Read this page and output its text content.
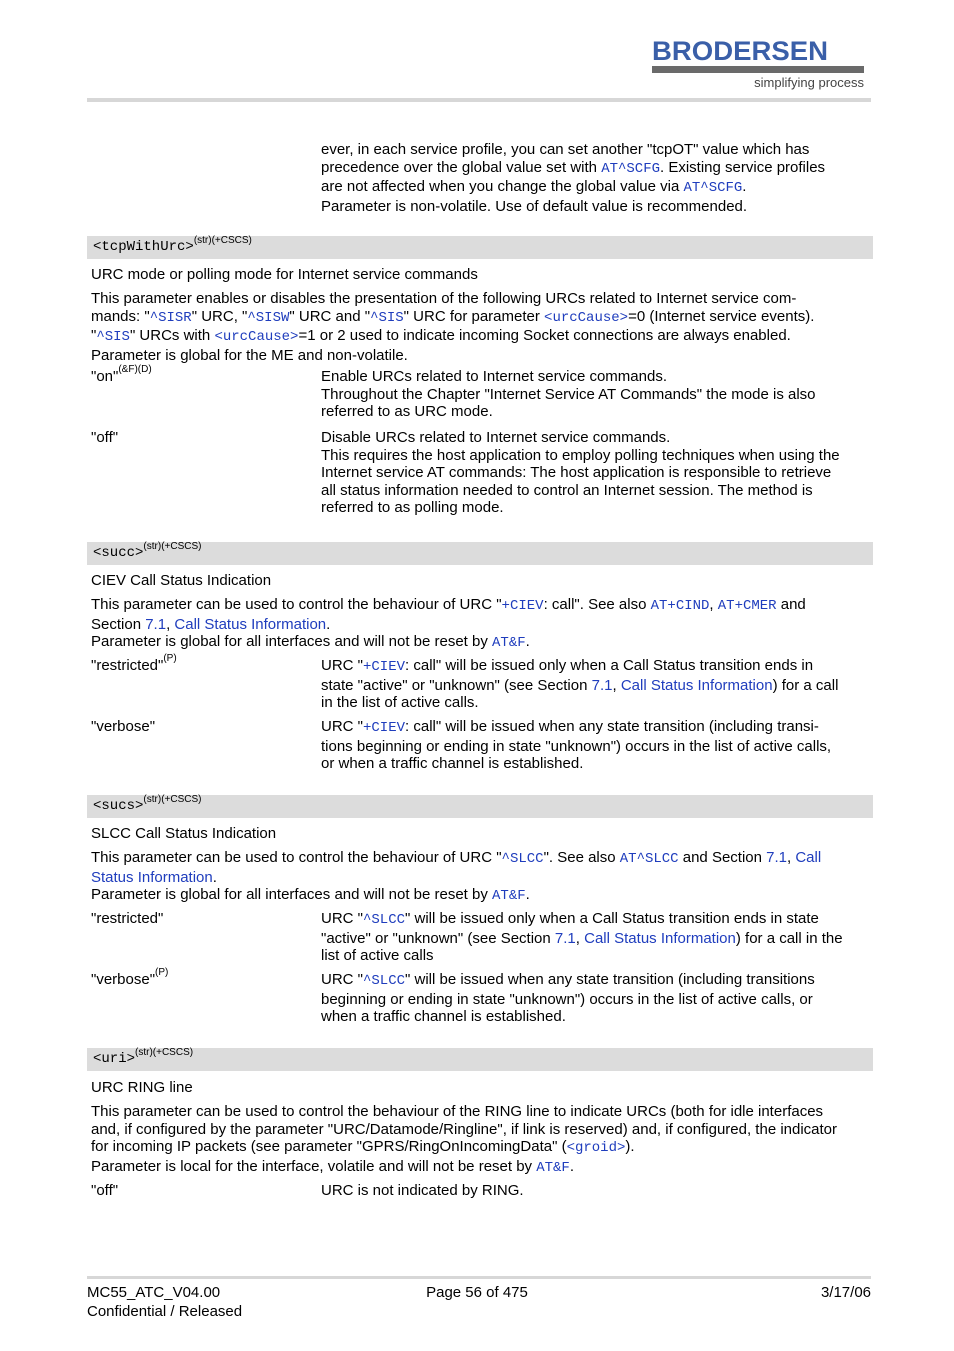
BRODERSEN
simplifying process
ever, in each service profile, you can set another "tcpOT" value which has
precedence over the global value set with AT^SCFG. Existing service profiles
are not affected when you change the global value via AT^SCFG.
Parameter is non-volatile. Use of default value is recommended.
<tcpWithUrc>$^{(str)(+CSCS)}$
URC mode or polling mode for Internet service commands
This parameter enables or disables the presentation of the following URCs related to Internet service com-
mands: "^SISR" URC, "^SISW" URC and "^SIS" URC for parameter <urcCause>=0 (Internet service events).
"^SIS" URCs with <urcCause>=1 or 2 used to indicate incoming Socket connections are always enabled.
Parameter is global for the ME and non-volatile.
"on"$^{(\&F)(D)}$	Enable URCs related to Internet service commands.
Throughout the Chapter "Internet Service AT Commands" the mode is also
referred to as URC mode.
"off"	Disable URCs related to Internet service commands.
This requires the host application to employ polling techniques when using the
Internet service AT commands: The host application is responsible to retrieve
all status information needed to control an Internet session. The method is
referred to as polling mode.
<succ>$^{(str)(+CSCS)}$
CIEV Call Status Indication
This parameter can be used to control the behaviour of URC "+CIEV: call". See also AT+CIND, AT+CMER and
Section 7.1, Call Status Information.
Parameter is global for all interfaces and will not be reset by AT&F.
"restricted"$^{(P)}$	URC "+CIEV: call" will be issued only when a Call Status transition ends in
state "active" or "unknown" (see Section 7.1, Call Status Information) for a call
in the list of active calls.
"verbose"	URC "+CIEV: call" will be issued when any state transition (including transi-
tions beginning or ending in state "unknown") occurs in the list of active calls,
or when a traffic channel is established.
<sucs>$^{(str)(+CSCS)}$
SLCC Call Status Indication
This parameter can be used to control the behaviour of URC "^SLCC". See also AT^SLCC and Section 7.1, Call
Status Information.
Parameter is global for all interfaces and will not be reset by AT&F.
"restricted"	URC "^SLCC" will be issued only when a Call Status transition ends in state
"active" or "unknown" (see Section 7.1, Call Status Information) for a call in the
list of active calls
"verbose"$^{(P)}$	URC "^SLCC" will be issued when any state transition (including transitions
beginning or ending in state "unknown") occurs in the list of active calls, or
when a traffic channel is established.
<uri>$^{(str)(+CSCS)}$
URC RING line
This parameter can be used to control the behaviour of the RING line to indicate URCs (both for idle interfaces
and, if configured by the parameter "URC/Datamode/Ringline", if link is reserved) and, if configured, the indicator
for incoming IP packets (see parameter "GPRS/RingOnIncomingData" (<groid>).
Parameter is local for the interface, volatile and will not be reset by AT&F.
"off"	URC is not indicated by RING.
MC55_ATC_V04.00
Confidential / Released
Page 56 of 475	3/17/06
